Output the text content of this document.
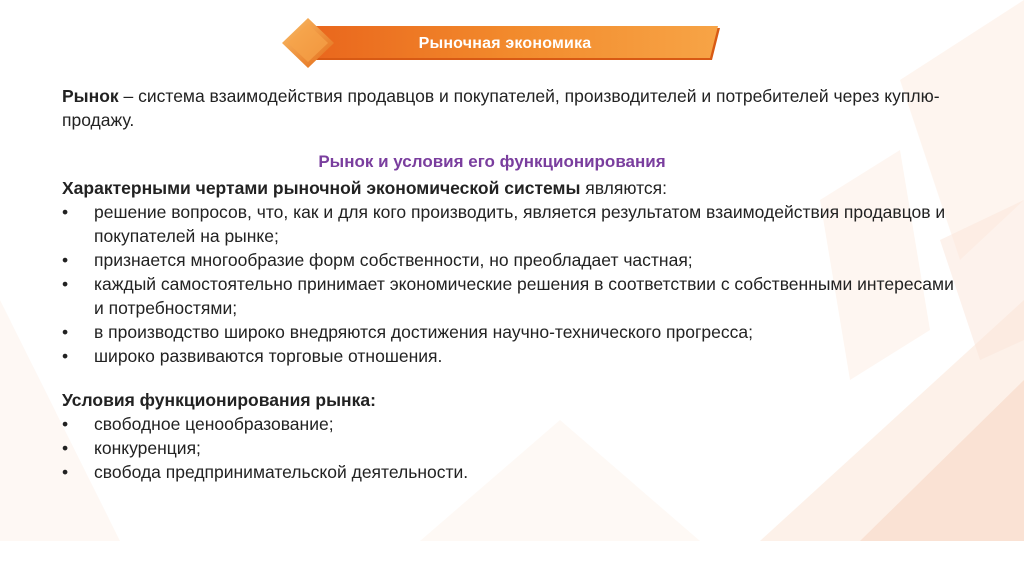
Рыночная экономика

Рынок – система взаимодействия продавцов и покупателей, производителей и потребителей через куплю-продажу.

Рынок и условия его функционирования

Характерными чертами рыночной экономической системы являются:

• решение вопросов, что, как и для кого производить, является результатом взаимодействия продавцов и покупателей на рынке;
• признается многообразие форм собственности, но преобладает частная;
• каждый самостоятельно принимает экономические решения в соответствии с собственными интересами и потребностями;
• в производство широко внедряются достижения научно-технического прогресса;
• широко развиваются торговые отношения.

Условия функционирования рынка:

• свободное ценообразование;
• конкуренция;
• свобода предпринимательской деятельности.
